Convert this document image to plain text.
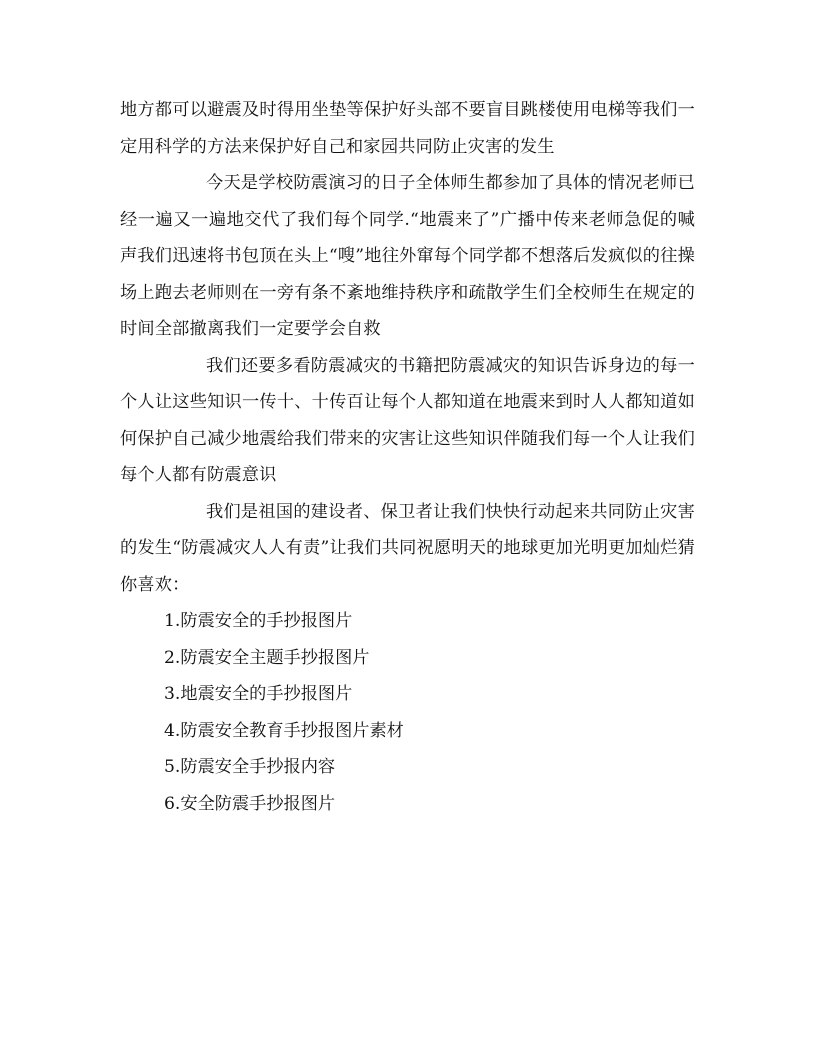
地方都可以避震及时得用坐垫等保护好头部不要盲目跳楼使用电梯等我们一定用科学的方法来保护好自己和家园共同防止灾害的发生

今天是学校防震演习的日子全体师生都参加了具体的情况老师已经一遍又一遍地交代了我们每个同学.“地震来了”广播中传来老师急促的喊声我们迅速将书包顶在头上“嗖”地往外窜每个同学都不想落后发疯似的往操场上跑去老师则在一旁有条不紊地维持秩序和疏散学生们全校师生在规定的时间全部撤离我们一定要学会自救

我们还要多看防震减灾的书籍把防震减灾的知识告诉身边的每一个人让这些知识一传十、十传百让每个人都知道在地震来到时人人都知道如何保护自己减少地震给我们带来的灾害让这些知识伴随我们每一个人让我们每个人都有防震意识

我们是祖国的建设者、保卫者让我们快快行动起来共同防止灾害的发生“防震减灾人人有责”让我们共同祝愿明天的地球更加光明更加灿烂猜你喜欢：

1.防震安全的手抄报图片
2.防震安全主题手抄报图片
3.地震安全的手抄报图片
4.防震安全教育手抄报图片素材
5.防震安全手抄报内容
6.安全防震手抄报图片
